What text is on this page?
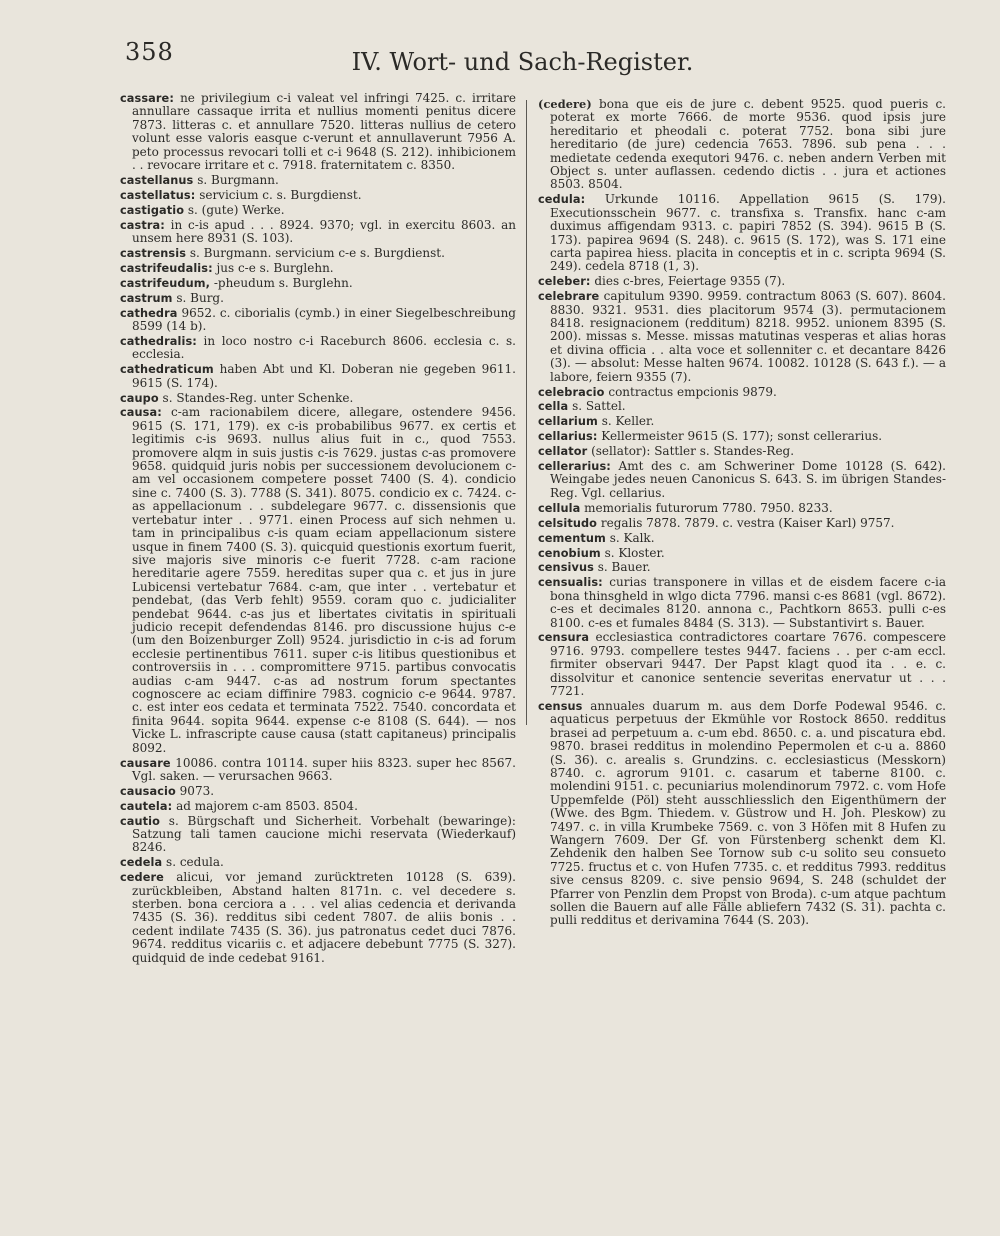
358	IV. Wort- und Sach-Register.

cassare: ne privilegium c-i valeat vel infringi 7425. c. irritare annullare cassaque irrita et nullius momenti penitus dicere 7873. litteras c. et annullare 7520. litteras nullius de cetero volunt esse valoris easque c-verunt et annullaverunt 7956 A. peto processus revocari tolli et c-i 9648 (S. 212). inhibicionem . . revocare irritare et c. 7918. fraternitatem c. 8350.

castellanus s. Burgmann.

castellatus: servicium c. s. Burgdienst.

castigatio s. (gute) Werke.

castra: in c-is apud . . . 8924. 9370; vgl. in exercitu 8603. an unsem here 8931 (S. 103).

castrensis s. Burgmann. servicium c-e s. Burgdienst.

castrifeudalis: jus c-e s. Burglehn.

castrifeudum, -pheudum s. Burglehn.

castrum s. Burg.

cathedra 9652. c. ciborialis (cymb.) in einer Siegelbeschreibung 8599 (14 b).

cathedralis: in loco nostro c-i Raceburch 8606. ecclesia c. s. ecclesia.

cathedraticum haben Abt und Kl. Doberan nie gegeben 9611. 9615 (S. 174).

caupo s. Standes-Reg. unter Schenke.

causa: c-am racionabilem dicere, allegare, ostendere 9456. 9615 (S. 171, 179). ex c-is probabilibus 9677. ex certis et legitimis c-is 9693. nullus alius fuit in c., quod 7553. promovere alqm in suis justis c-is 7629. justas c-as promovere 9658. quidquid juris nobis per successionem devolucionem c-am vel occasionem competere posset 7400 (S. 4). condicio sine c. 7400 (S. 3). 7788 (S. 341). 8075. condicio ex c. 7424. c-as appellacionum . . subdelegare 9677. c. dissensionis que vertebatur inter . . 9771. einen Process auf sich nehmen u. tam in principalibus c-is quam eciam appellacionum sistere usque in finem 7400 (S. 3). quicquid questionis exortum fuerit, sive majoris sive minoris c-e fuerit 7728. c-am racione hereditarie agere 7559. hereditas super qua c. et jus in jure Lubicensi vertebatur 7684. c-am, que inter . . vertebatur et pendebat, (das Verb fehlt) 9559. coram quo c. judicialiter pendebat 9644. c-as jus et libertates civitatis in spirituali judicio recepit defendendas 8146. pro discussione hujus c-e (um den Boizenburger Zoll) 9524. jurisdictio in c-is ad forum ecclesie pertinentibus 7611. super c-is litibus questionibus et controversiis in . . . compromittere 9715. partibus convocatis audias c-am 9447. c-as ad nostrum forum spectantes cognoscere ac eciam diffinire 7983. cognicio c-e 9644. 9787. c. est inter eos cedata et terminata 7522. 7540. concordata et finita 9644. sopita 9644. expense c-e 8108 (S. 644). — nos Vicke L. infrascripte cause causa (statt capitaneus) principalis 8092.

causare 10086. contra 10114. super hiis 8323. super hec 8567. Vgl. saken. — verursachen 9663.

causacio 9073.

cautela: ad majorem c-am 8503. 8504.

cautio s. Bürgschaft und Sicherheit. Vorbehalt (bewaringe): Satzung tali tamen caucione michi reservata (Wiederkauf) 8246.

cedela s. cedula.

cedere alicui, vor jemand zurücktreten 10128 (S. 639). zurückbleiben, Abstand halten 8171n. c. vel decedere s. sterben. bona cerciora a . . . vel alias cedencia et derivanda 7435 (S. 36). redditus sibi cedent 7807. de aliis bonis . . cedent indilate 7435 (S. 36). jus patronatus cedet duci 7876. 9674. redditus vicariis c. et adjacere debebunt 7775 (S. 327). quidquid de inde cedebat 9161.

(cedere) bona que eis de jure c. debent 9525. quod pueris c. poterat ex morte 7666. de morte 9536. quod ipsis jure hereditario et pheodali c. poterat 7752. bona sibi jure hereditario (de jure) cedencia 7653. 7896. sub pena . . . medietate cedenda exequtori 9476. c. neben andern Verben mit Object s. unter auflassen. cedendo dictis . . jura et actiones 8503. 8504.

cedula: Urkunde 10116. Appellation 9615 (S. 179). Executionsschein 9677. c. transfixa s. Transfix. hanc c-am duximus affigendam 9313. c. papiri 7852 (S. 394). 9615 B (S. 173). papirea 9694 (S. 248). c. 9615 (S. 172), was S. 171 eine carta papirea hiess. placita in conceptis et in c. scripta 9694 (S. 249). cedela 8718 (1, 3).

celeber: dies c-bres, Feiertage 9355 (7).

celebrare capitulum 9390. 9959. contractum 8063 (S. 607). 8604. 8830. 9321. 9531. dies placitorum 9574 (3). permutacionem 8418. resignacionem (redditum) 8218. 9952. unionem 8395 (S. 200). missas s. Messe. missas matutinas vesperas et alias horas et divina officia . . alta voce et sollenniter c. et decantare 8426 (3). — absolut: Messe halten 9674. 10082. 10128 (S. 643 f.). — a labore, feiern 9355 (7).

celebracio contractus empcionis 9879.

cella s. Sattel.

cellarium s. Keller.

cellarius: Kellermeister 9615 (S. 177); sonst cellerarius.

cellator (sellator): Sattler s. Standes-Reg.

cellerarius: Amt des c. am Schweriner Dome 10128 (S. 642). Weingabe jedes neuen Canonicus S. 643. S. im übrigen Standes-Reg. Vgl. cellarius.

cellula memorialis futurorum 7780. 7950. 8233.

celsitudo regalis 7878. 7879. c. vestra (Kaiser Karl) 9757.

cementum s. Kalk.

cenobium s. Kloster.

censivus s. Bauer.

censualis: curias transponere in villas et de eisdem facere c-ia bona thinsgheld in wlgo dicta 7796. mansi c-es 8681 (vgl. 8672). c-es et decimales 8120. annona c., Pachtkorn 8653. pulli c-es 8100. c-es et fumales 8484 (S. 313). — Substantivirt s. Bauer.

censura ecclesiastica contradictores coartare 7676. compescere 9716. 9793. compellere testes 9447. faciens . . per c-am eccl. firmiter observari 9447. Der Papst klagt quod ita . . e. c. dissolvitur et canonice sentencie severitas enervatur ut . . . 7721.

census annuales duarum m. aus dem Dorfe Podewal 9546. c. aquaticus perpetuus der Ekmühle vor Rostock 8650. redditus brasei ad perpetuum a. c-um ebd. 8650. c. a. und piscatura ebd. 9870. brasei redditus in molendino Pepermolen et c-u a. 8860 (S. 36). c. arealis s. Grundzins. c. ecclesiasticus (Messkorn) 8740. c. agrorum 9101. c. casarum et taberne 8100. c. molendini 9151. c. pecuniarius molendinorum 7972. c. vom Hofe Uppemfelde (Pöl) steht ausschliesslich den Eigenthümern der (Wwe. des Bgm. Thiedem. v. Güstrow und H. Joh. Pleskow) zu 7497. c. in villa Krumbeke 7569. c. von 3 Höfen mit 8 Hufen zu Wangern 7609. Der Gf. von Fürstenberg schenkt dem Kl. Zehdenik den halben See Tornow sub c-u solito seu consueto 7725. fructus et c. von Hufen 7735. c. et redditus 7993. redditus sive census 8209. c. sive pensio 9694, S. 248 (schuldet der Pfarrer von Penzlin dem Propst von Broda). c-um atque pachtum sollen die Bauern auf alle Fälle abliefern 7432 (S. 31). pachta c. pulli redditus et derivamina 7644 (S. 203).
